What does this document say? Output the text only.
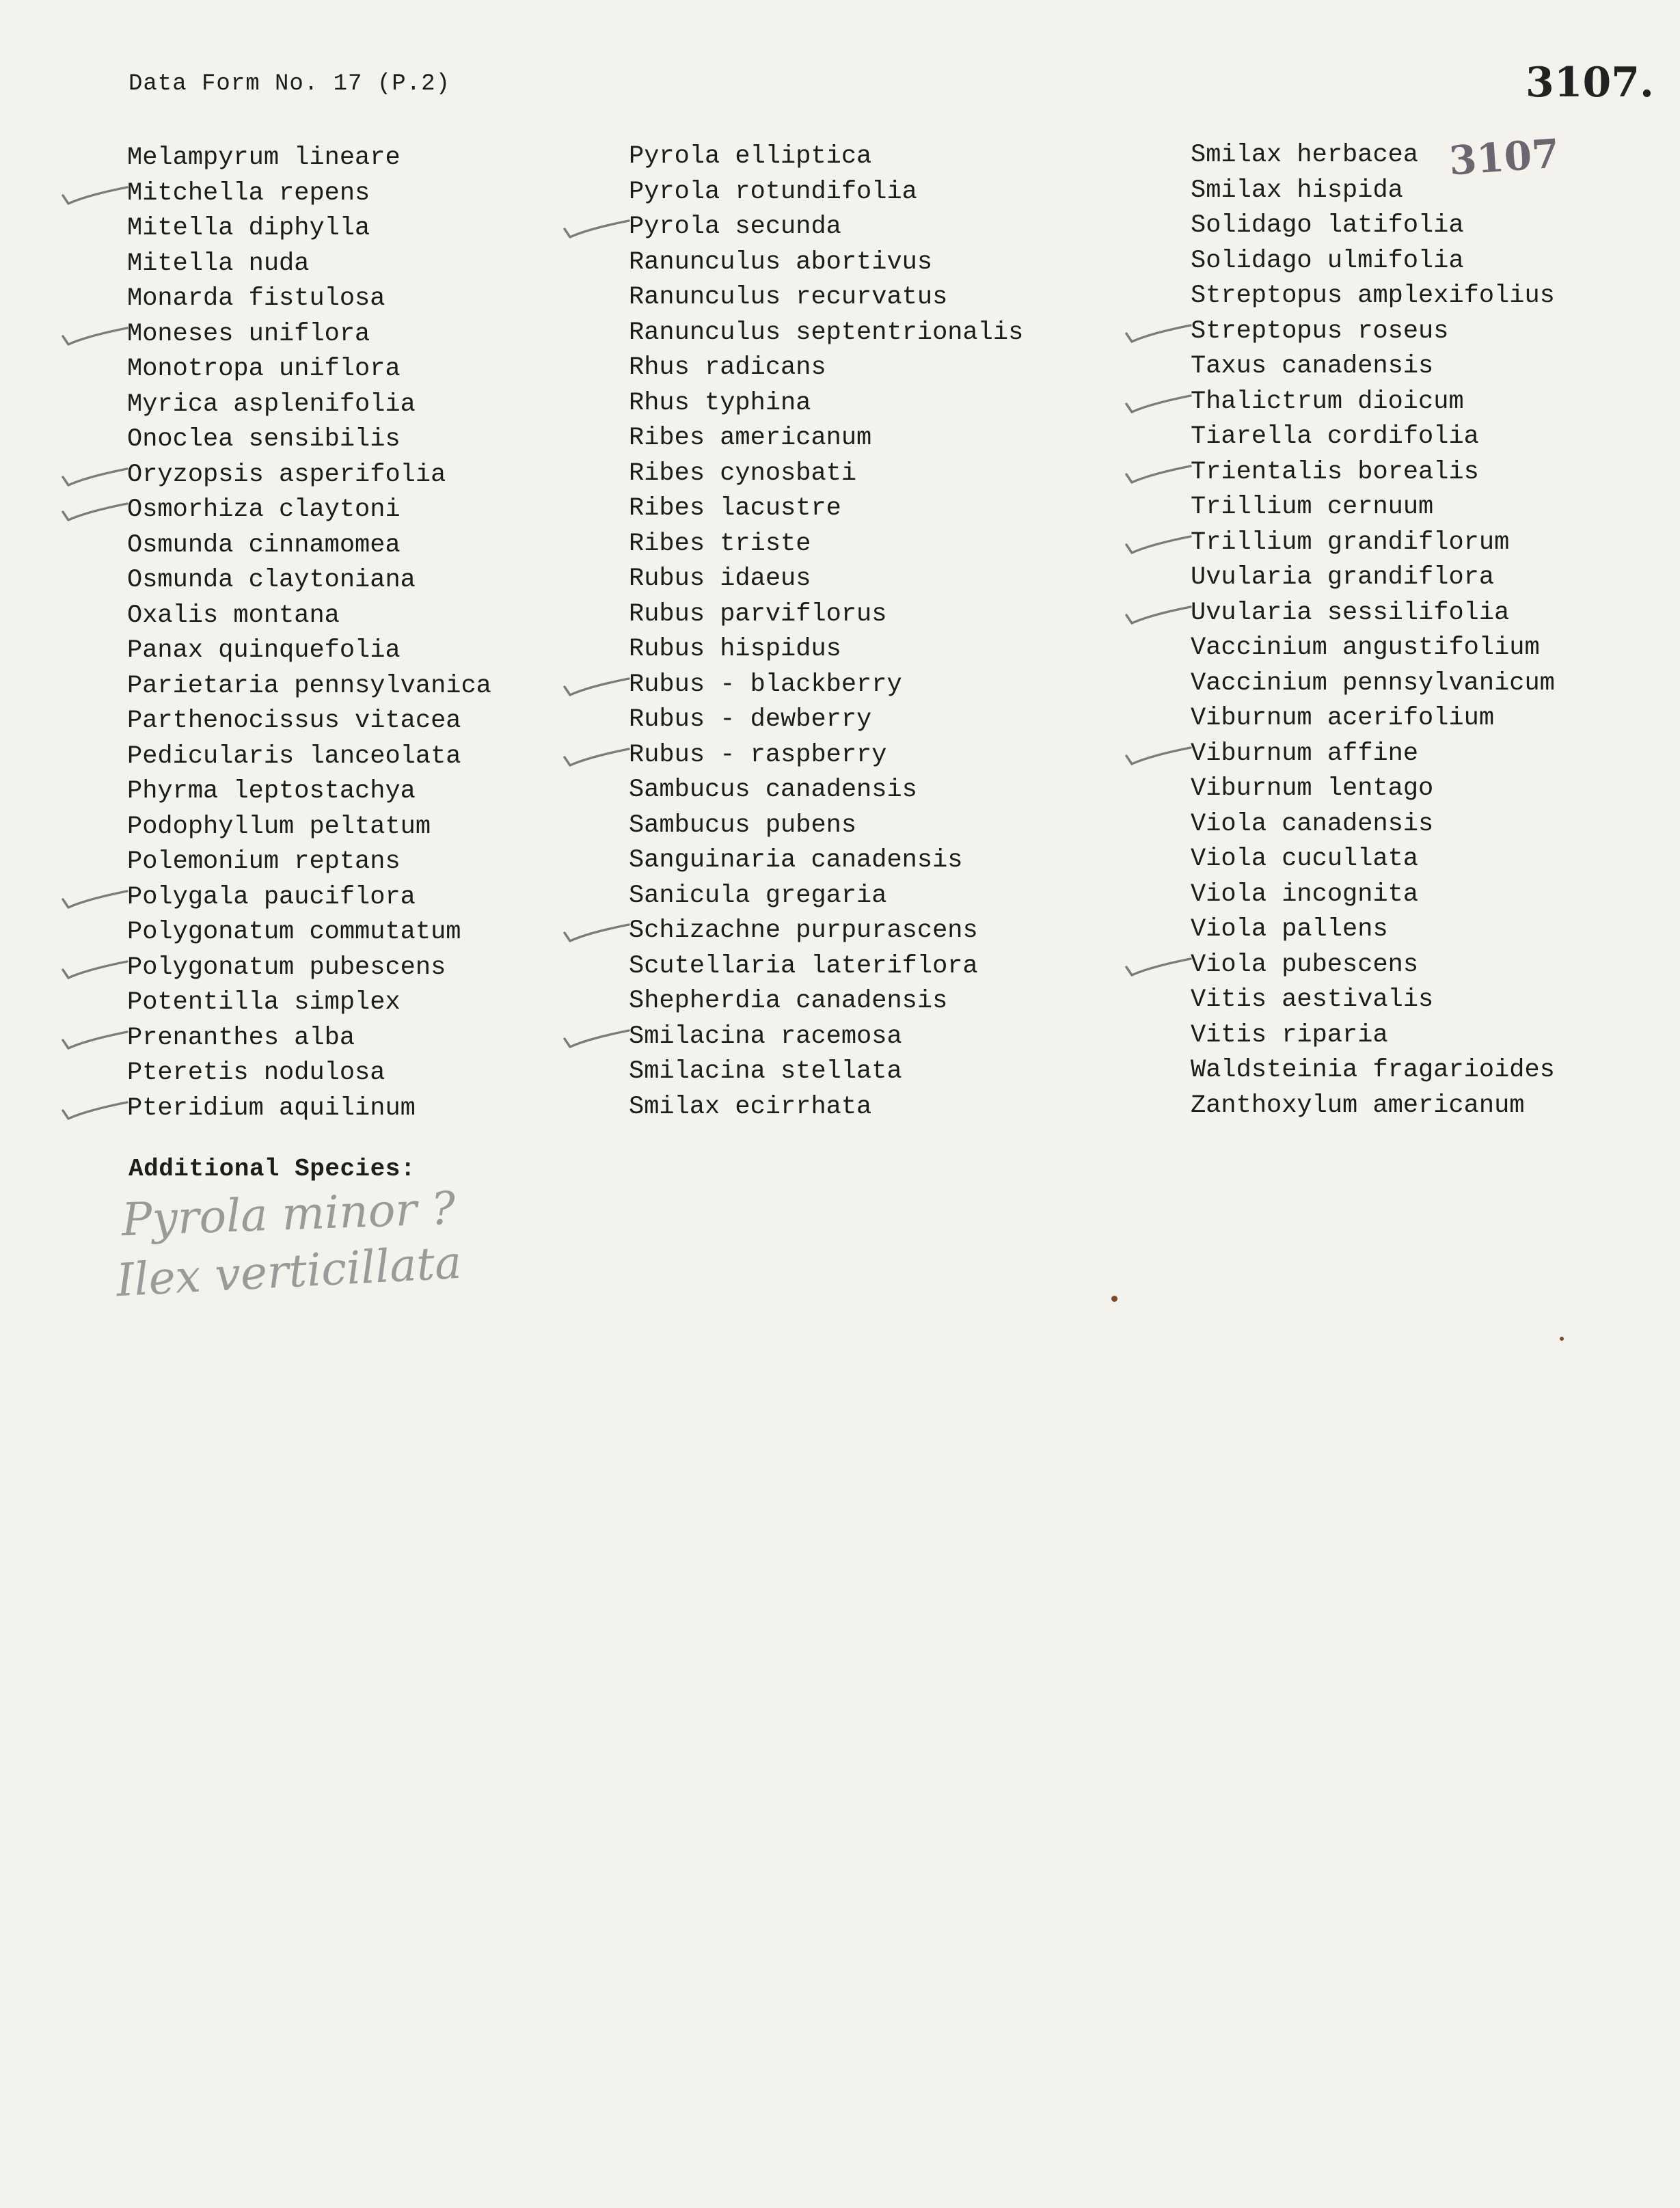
Data Form No. 17 (P.2)	3107.
3107
Melampyrum lineare
Mitchella repens
Mitella diphylla
Mitella nuda
Monarda fistulosa
Moneses uniflora
Monotropa uniflora
Myrica asplenifolia
Onoclea sensibilis
Oryzopsis asperifolia
Osmorhiza claytoni
Osmunda cinnamomea
Osmunda claytoniana
Oxalis montana
Panax quinquefolia
Parietaria pennsylvanica
Parthenocissus vitacea
Pedicularis lanceolata
Phyrma leptostachya
Podophyllum peltatum
Polemonium reptans
Polygala pauciflora
Polygonatum commutatum
Polygonatum pubescens
Potentilla simplex
Prenanthes alba
Pteretis nodulosa
Pteridium aquilinum
Pyrola elliptica
Pyrola rotundifolia
Pyrola secunda
Ranunculus abortivus
Ranunculus recurvatus
Ranunculus septentrionalis
Rhus radicans
Rhus typhina
Ribes americanum
Ribes cynosbati
Ribes lacustre
Ribes triste
Rubus idaeus
Rubus parviflorus
Rubus hispidus
Rubus - blackberry
Rubus - dewberry
Rubus - raspberry
Sambucus canadensis
Sambucus pubens
Sanguinaria canadensis
Sanicula gregaria
Schizachne purpurascens
Scutellaria lateriflora
Shepherdia canadensis
Smilacina racemosa
Smilacina stellata
Smilax ecirrhata
Smilax herbacea
Smilax hispida
Solidago latifolia
Solidago ulmifolia
Streptopus amplexifolius
Streptopus roseus
Taxus canadensis
Thalictrum dioicum
Tiarella cordifolia
Trientalis borealis
Trillium cernuum
Trillium grandiflorum
Uvularia grandiflora
Uvularia sessilifolia
Vaccinium angustifolium
Vaccinium pennsylvanicum
Viburnum acerifolium
Viburnum affine
Viburnum lentago
Viola canadensis
Viola cucullata
Viola incognita
Viola pallens
Viola pubescens
Vitis aestivalis
Vitis riparia
Waldsteinia fragarioides
Zanthoxylum americanum
Additional Species:
Pyrola minor ?
Ilex verticillata
